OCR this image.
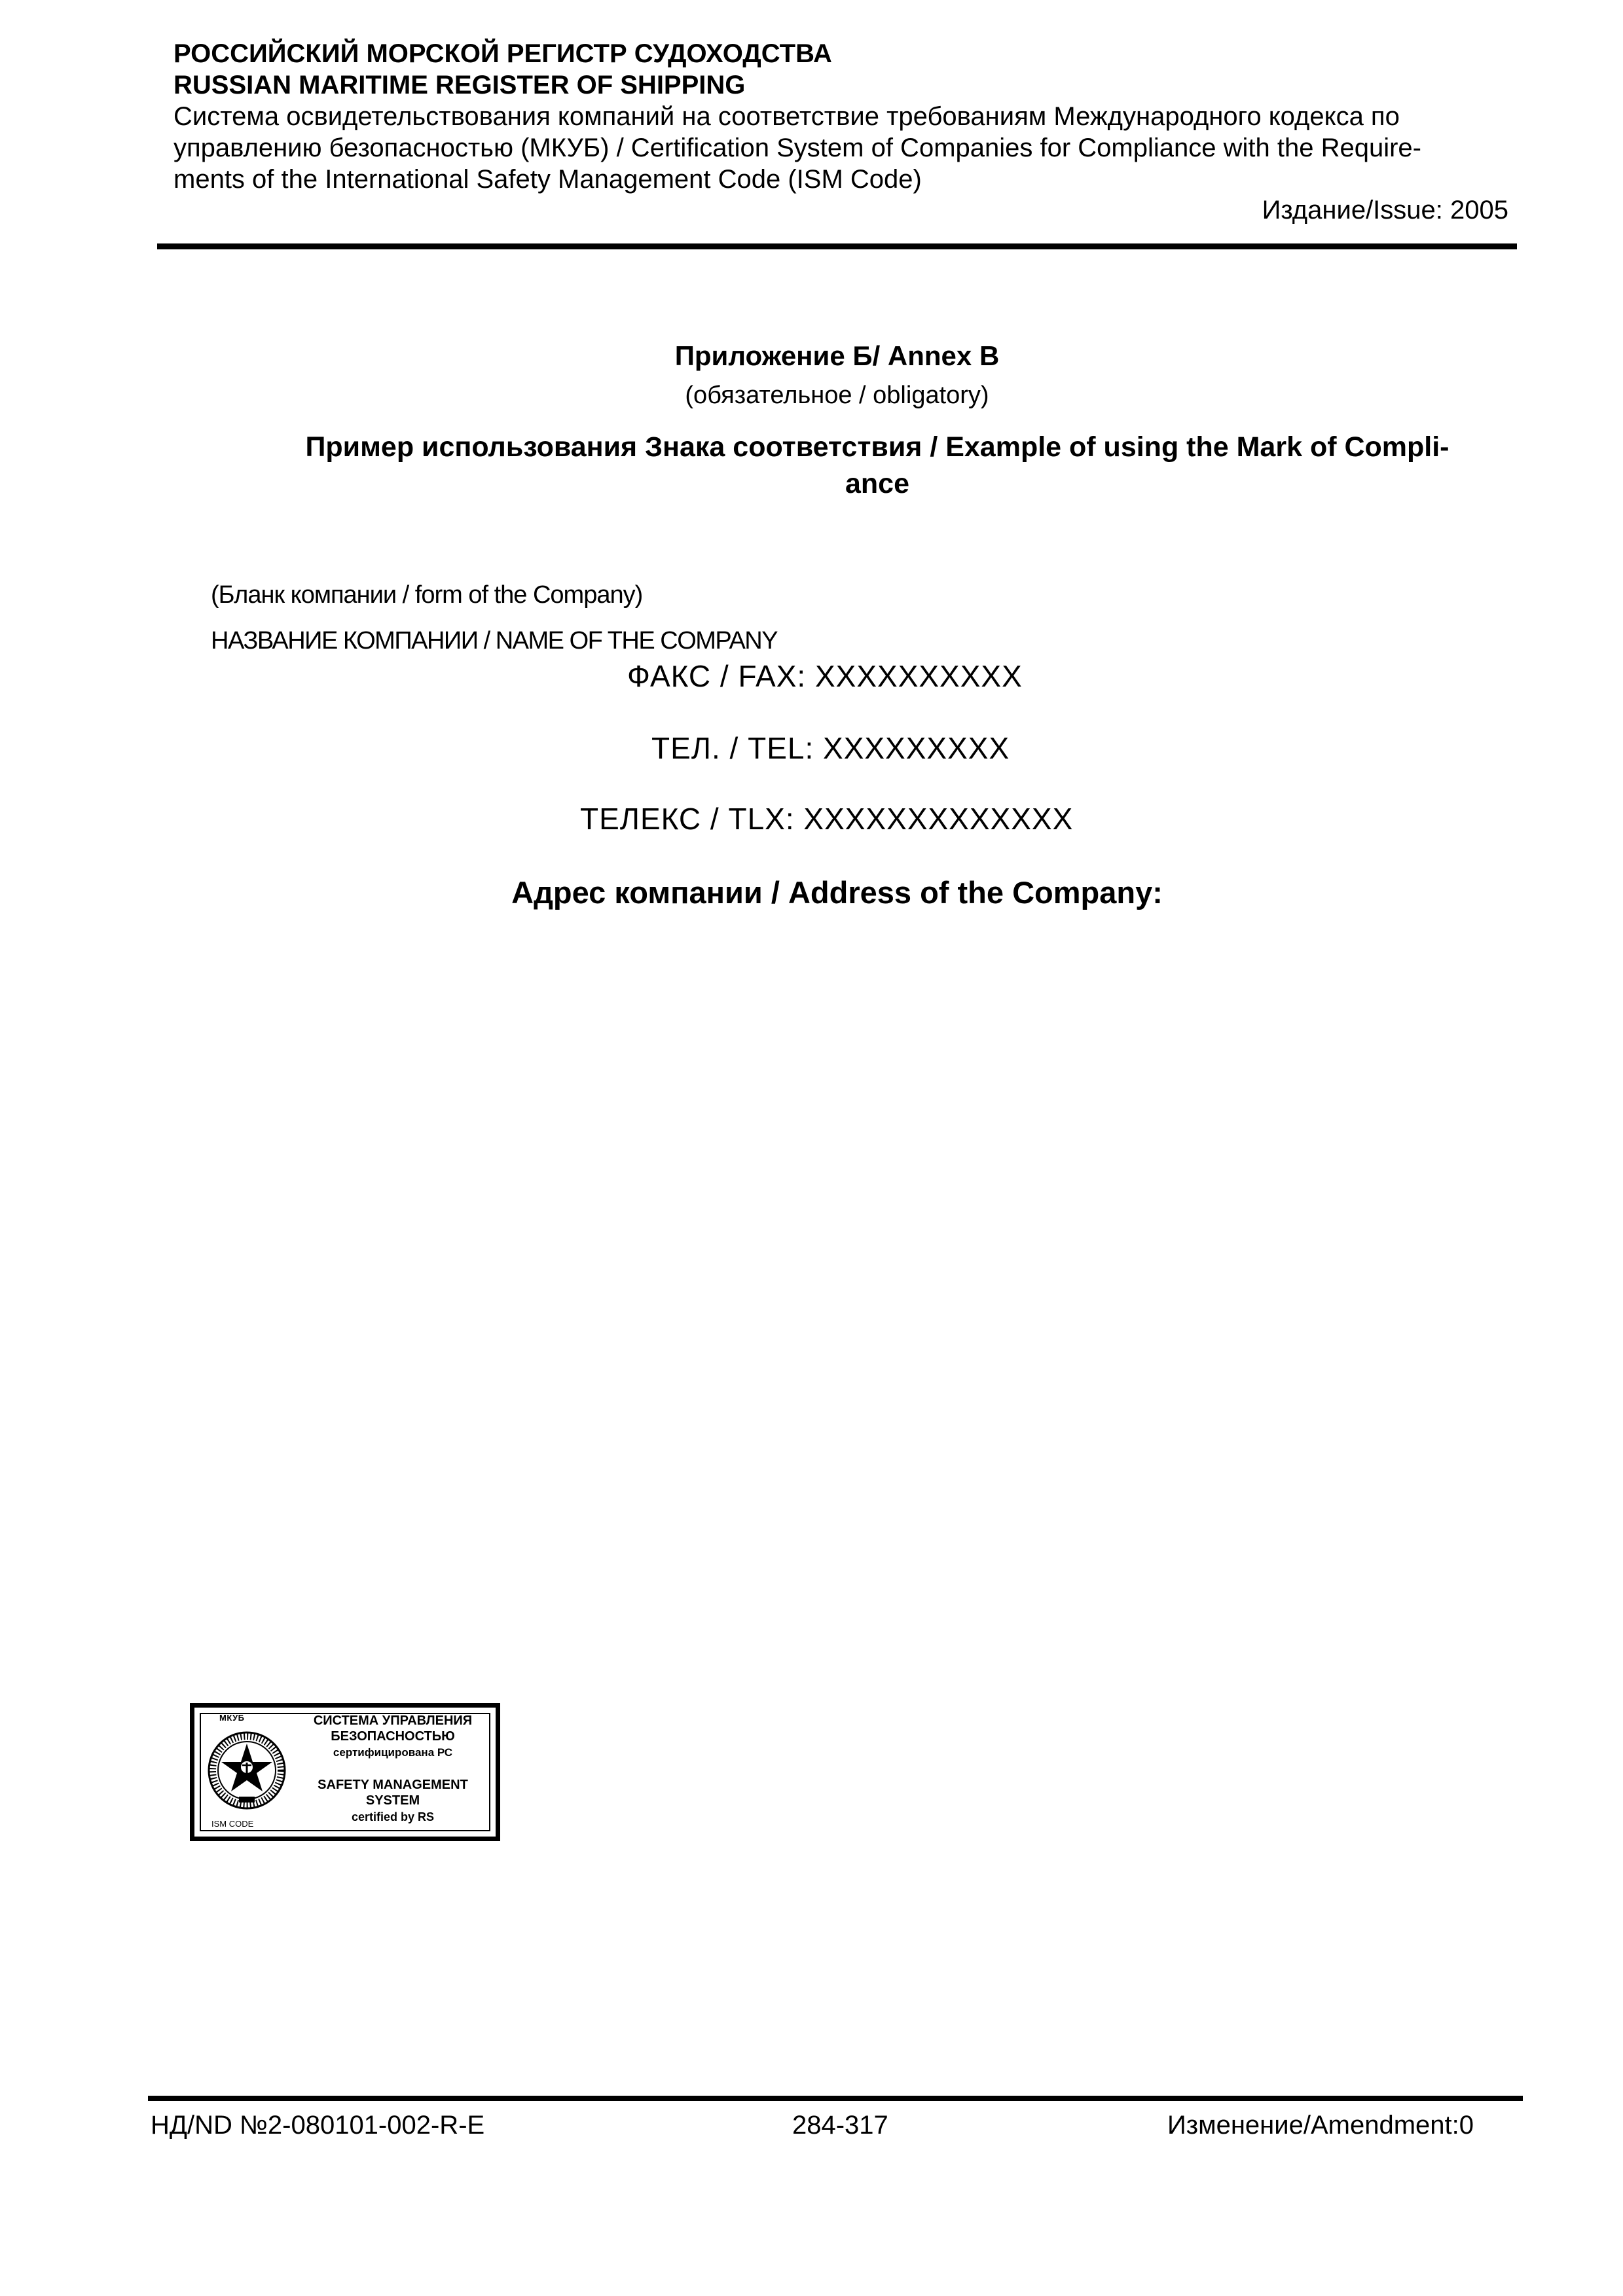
РОССИЙСКИЙ МОРСКОЙ РЕГИСТР СУДОХОДСТВА
RUSSIAN MARITIME REGISTER OF SHIPPING
Система освидетельствования компаний на соответствие требованиям Международного кодекса по
управлению безопасностью (МКУБ) / Certification System of Companies for Compliance with the Require-
ments of the International Safety Management Code (ISM Code)
Издание/Issue: 2005
Приложение Б/ Annex B
(обязательное / obligatory)
Пример использования Знака соответствия / Example of using the Mark of Compli-
ance
(Бланк компании / form of the Company)
НАЗВАНИЕ КОМПАНИИ / NAME OF THE COMPANY
ФАКС / FAX: XXXXXXXXXX
ТЕЛ. / TEL: XXXXXXXXX
ТЕЛЕКС / TLX: XXXXXXXXXXXXX
Адрес компании / Address of the Company:
МКУБ
ISM CODE
СИСТЕМА УПРАВЛЕНИЯ
БЕЗОПАСНОСТЬЮ
сертифицирована РС
SAFETY MANAGEMENT
SYSTEM
certified by RS
НД/ND №2-080101-002-R-E	284-317	Изменение/Amendment:0
